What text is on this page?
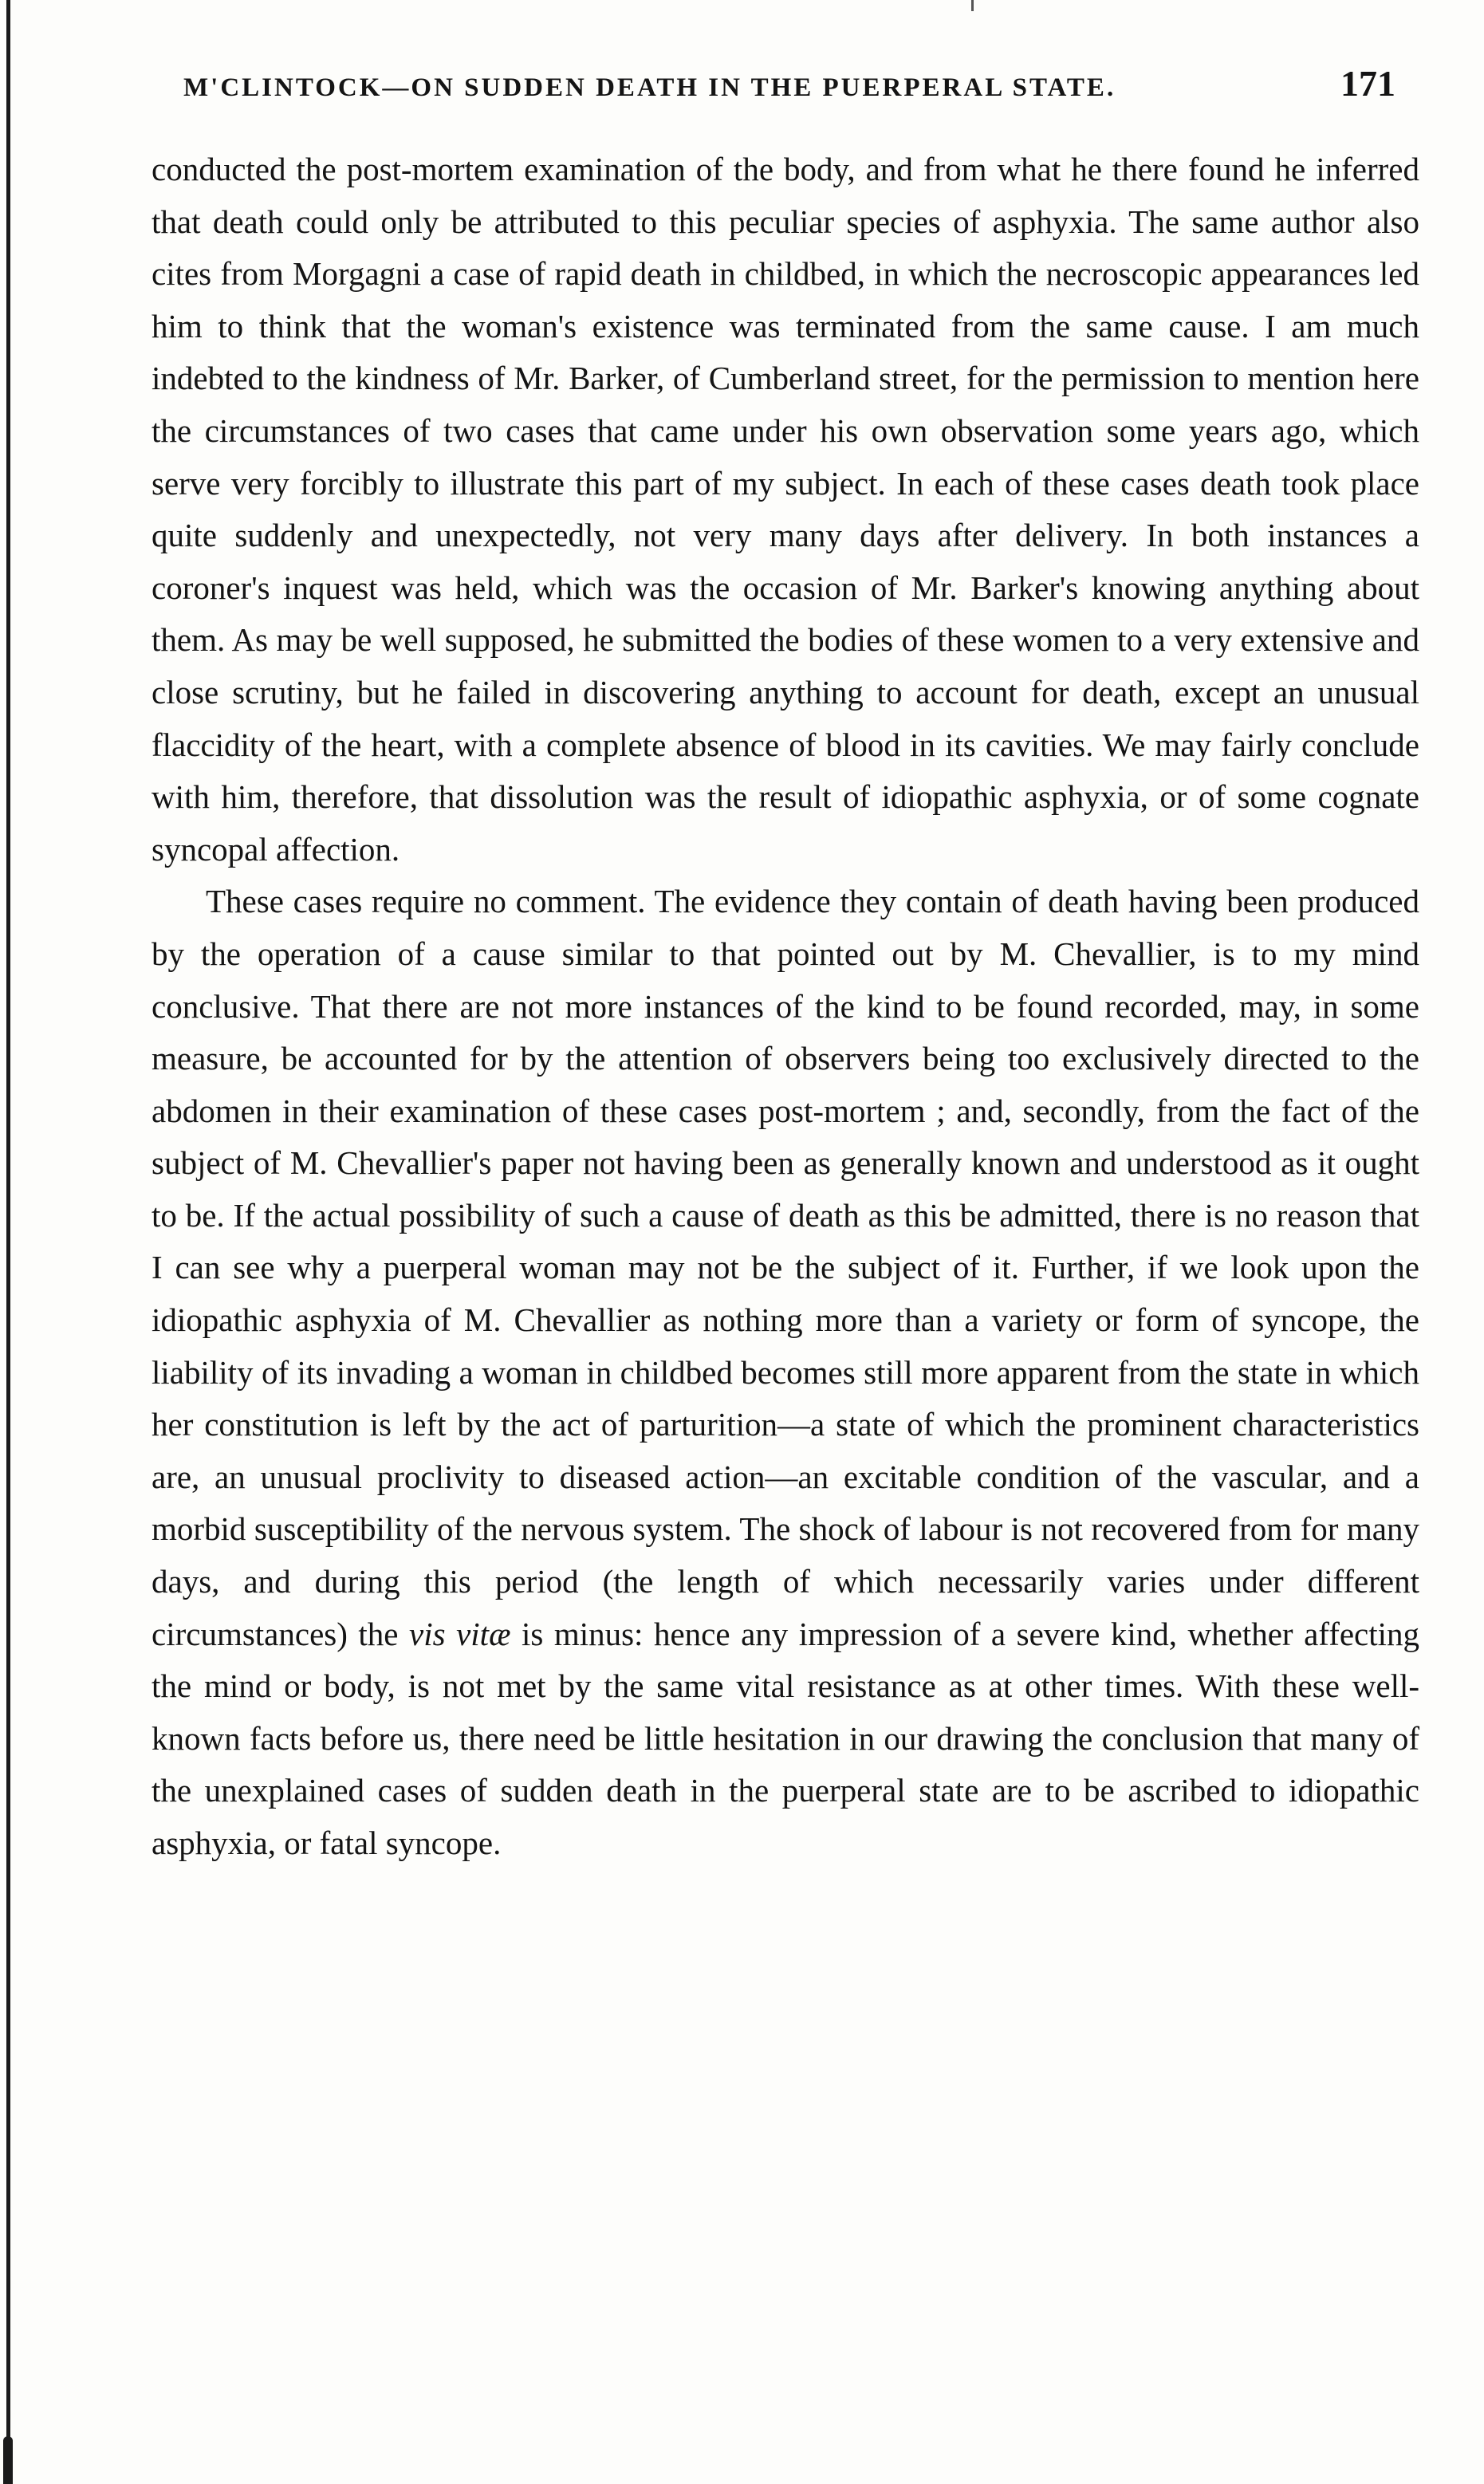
M'CLINTOCK—ON SUDDEN DEATH IN THE PUERPERAL STATE.	171

conducted the post-mortem examination of the body, and from what he there found he inferred that death could only be attributed to this peculiar species of asphyxia. The same author also cites from Morgagni a case of rapid death in childbed, in which the necroscopic appearances led him to think that the woman's existence was terminated from the same cause. I am much indebted to the kindness of Mr. Barker, of Cumberland street, for the permission to mention here the circumstances of two cases that came under his own observation some years ago, which serve very forcibly to illustrate this part of my subject. In each of these cases death took place quite suddenly and unexpectedly, not very many days after delivery. In both instances a coroner's inquest was held, which was the occasion of Mr. Barker's knowing anything about them. As may be well supposed, he submitted the bodies of these women to a very extensive and close scrutiny, but he failed in discovering anything to account for death, except an unusual flaccidity of the heart, with a complete absence of blood in its cavities. We may fairly conclude with him, therefore, that dissolution was the result of idiopathic asphyxia, or of some cognate syncopal affection.

These cases require no comment. The evidence they contain of death having been produced by the operation of a cause similar to that pointed out by M. Chevallier, is to my mind conclusive. That there are not more instances of the kind to be found recorded, may, in some measure, be accounted for by the attention of observers being too exclusively directed to the abdomen in their examination of these cases post-mortem ; and, secondly, from the fact of the subject of M. Chevallier's paper not having been as generally known and understood as it ought to be. If the actual possibility of such a cause of death as this be admitted, there is no reason that I can see why a puerperal woman may not be the subject of it. Further, if we look upon the idiopathic asphyxia of M. Chevallier as nothing more than a variety or form of syncope, the liability of its invading a woman in childbed becomes still more apparent from the state in which her constitution is left by the act of parturition—a state of which the prominent characteristics are, an unusual proclivity to diseased action—an excitable condition of the vascular, and a morbid susceptibility of the nervous system. The shock of labour is not recovered from for many days, and during this period (the length of which necessarily varies under different circumstances) the vis vitæ is minus: hence any impression of a severe kind, whether affecting the mind or body, is not met by the same vital resistance as at other times. With these well-known facts before us, there need be little hesitation in our drawing the conclusion that many of the unexplained cases of sudden death in the puerperal state are to be ascribed to idiopathic asphyxia, or fatal syncope.
